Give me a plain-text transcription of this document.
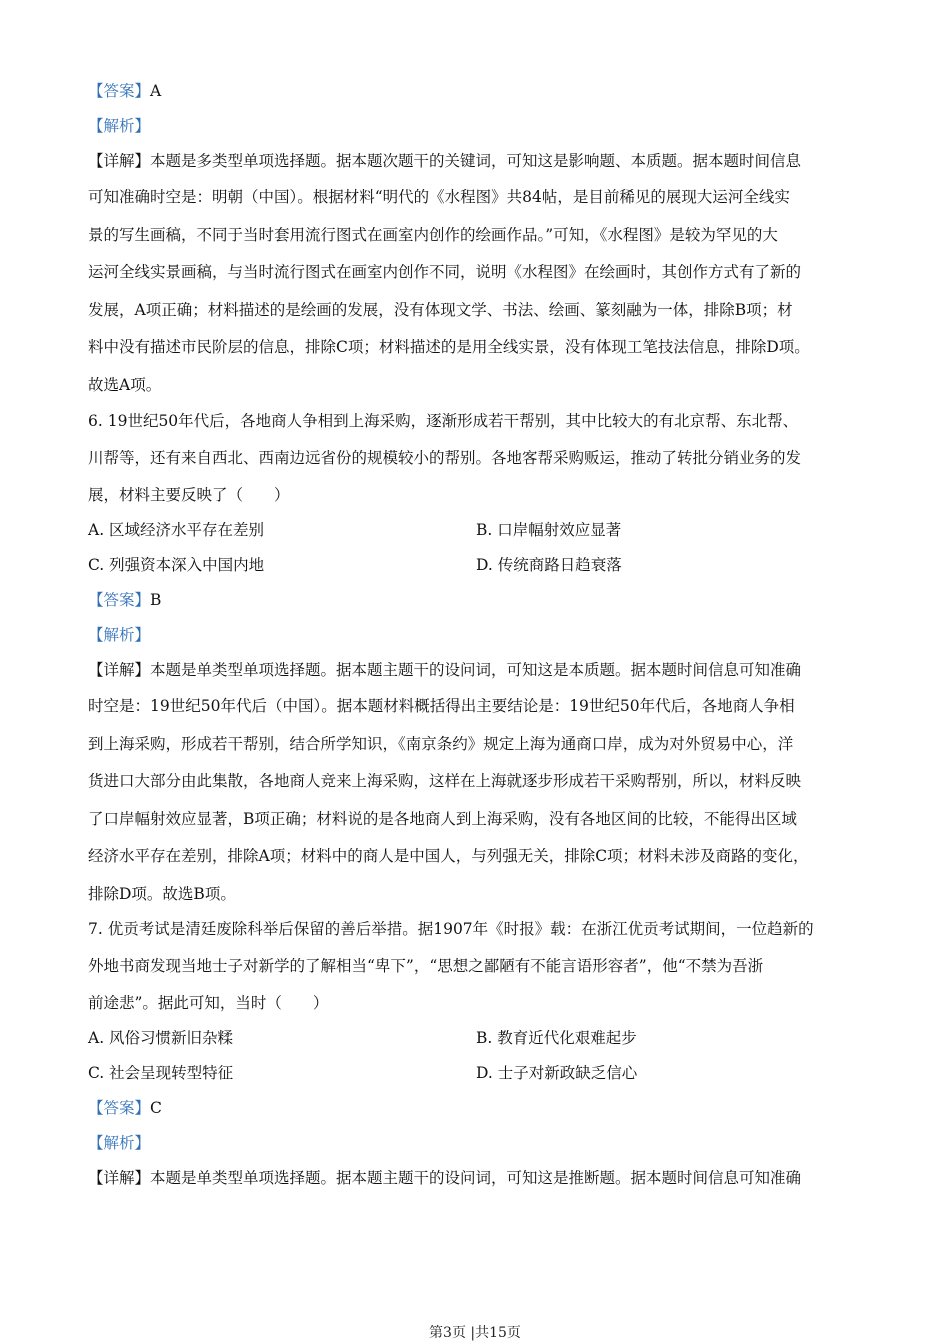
【答案】A
【解析】
【详解】本题是多类型单项选择题。据本题次题干的关键词，可知这是影响题、本质题。据本题时间信息
可知准确时空是：明朝（中国）。根据材料“明代的《水程图》共84帖，是目前稀见的展现大运河全线实
景的写生画稿，不同于当时套用流行图式在画室内创作的绘画作品。”可知，《水程图》是较为罕见的大
运河全线实景画稿，与当时流行图式在画室内创作不同，说明《水程图》在绘画时，其创作方式有了新的
发展，A项正确；材料描述的是绘画的发展，没有体现文学、书法、绘画、篆刻融为一体，排除B项；材
料中没有描述市民阶层的信息，排除C项；材料描述的是用全线实景，没有体现工笔技法信息，排除D项。
故选A项。
6. 19世纪50年代后，各地商人争相到上海采购，逐渐形成若干帮别，其中比较大的有北京帮、东北帮、
川帮等，还有来自西北、西南边远省份的规模较小的帮别。各地客帮采购贩运，推动了转批分销业务的发
展，材料主要反映了（　　）
A. 区域经济水平存在差别	B. 口岸幅射效应显著
C. 列强资本深入中国内地	D. 传统商路日趋衰落
【答案】B
【解析】
【详解】本题是单类型单项选择题。据本题主题干的设问词，可知这是本质题。据本题时间信息可知准确
时空是：19世纪50年代后（中国）。据本题材料概括得出主要结论是：19世纪50年代后，各地商人争相
到上海采购，形成若干帮别，结合所学知识，《南京条约》规定上海为通商口岸，成为对外贸易中心，洋
货进口大部分由此集散，各地商人竞来上海采购，这样在上海就逐步形成若干采购帮别，所以，材料反映
了口岸幅射效应显著，B项正确；材料说的是各地商人到上海采购，没有各地区间的比较，不能得出区域
经济水平存在差别，排除A项；材料中的商人是中国人，与列强无关，排除C项；材料未涉及商路的变化，
排除D项。故选B项。
7. 优贡考试是清廷废除科举后保留的善后举措。据1907年《时报》载：在浙江优贡考试期间，一位趋新的
外地书商发现当地士子对新学的了解相当“卑下”，“思想之鄙陋有不能言语形容者”，他“不禁为吾浙
前途悲”。据此可知，当时（　　）
A. 风俗习惯新旧杂糅	B. 教育近代化艰难起步
C. 社会呈现转型特征	D. 士子对新政缺乏信心
【答案】C
【解析】
【详解】本题是单类型单项选择题。据本题主题干的设问词，可知这是推断题。据本题时间信息可知准确
第3页 |共15页
